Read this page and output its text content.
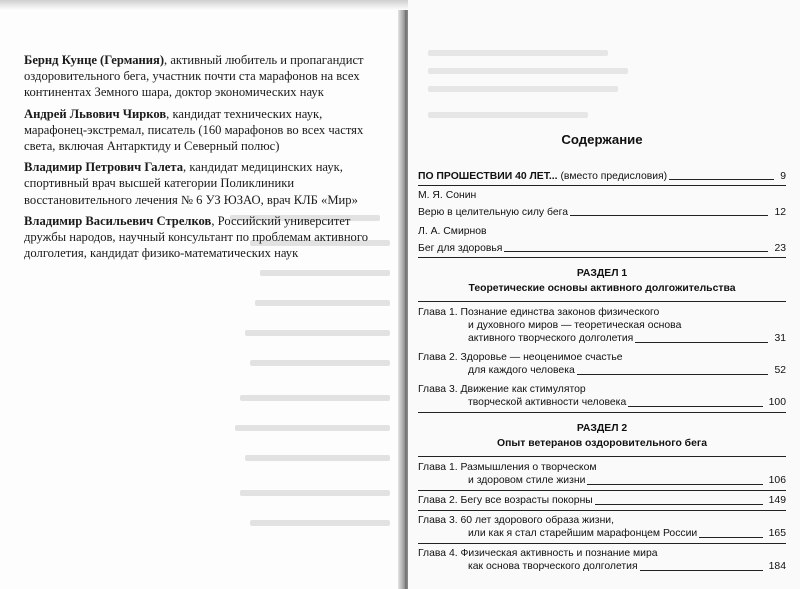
Бернд Кунце (Германия), активный любитель и пропагандист оздоровительного бега, участник почти ста марафонов на всех континентах Земного шара, доктор экономических наук

Андрей Львович Чирков, кандидат технических наук, марафонец-экстремал, писатель (160 марафонов во всех частях света, включая Антарктиду и Северный полюс)

Владимир Петрович Галета, кандидат медицинских наук, спортивный врач высшей категории Поликлиники восстановительного лечения № 6 УЗ ЮЗАО, врач КЛБ «Мир»

Владимир Васильевич Стрелков, Российский университет дружбы народов, научный консультант по проблемам активного долголетия, кандидат физико-математических наук

Содержание
ПО ПРОШЕСТВИИ 40 ЛЕТ... (вместо предисловия)	9
М. Я. Сонин
Верю в целительную силу бега	12
Л. А. Смирнов
Бег для здоровья	23
РАЗДЕЛ 1
Теоретические основы активного долгожительства
Глава 1. Познание единства законов физического
и духовного миров — теоретическая основа
активного творческого долголетия	31
Глава 2. Здоровье — неоценимое счастье
для каждого человека	52
Глава 3. Движение как стимулятор
творческой активности человека	100
РАЗДЕЛ 2
Опыт ветеранов оздоровительного бега
Глава 1. Размышления о творческом
и здоровом стиле жизни	106
Глава 2. Бегу все возрасты покорны	149
Глава 3. 60 лет здорового образа жизни,
или как я стал старейшим марафонцем России	165
Глава 4. Физическая активность и познание мира
как основа творческого долголетия	184
